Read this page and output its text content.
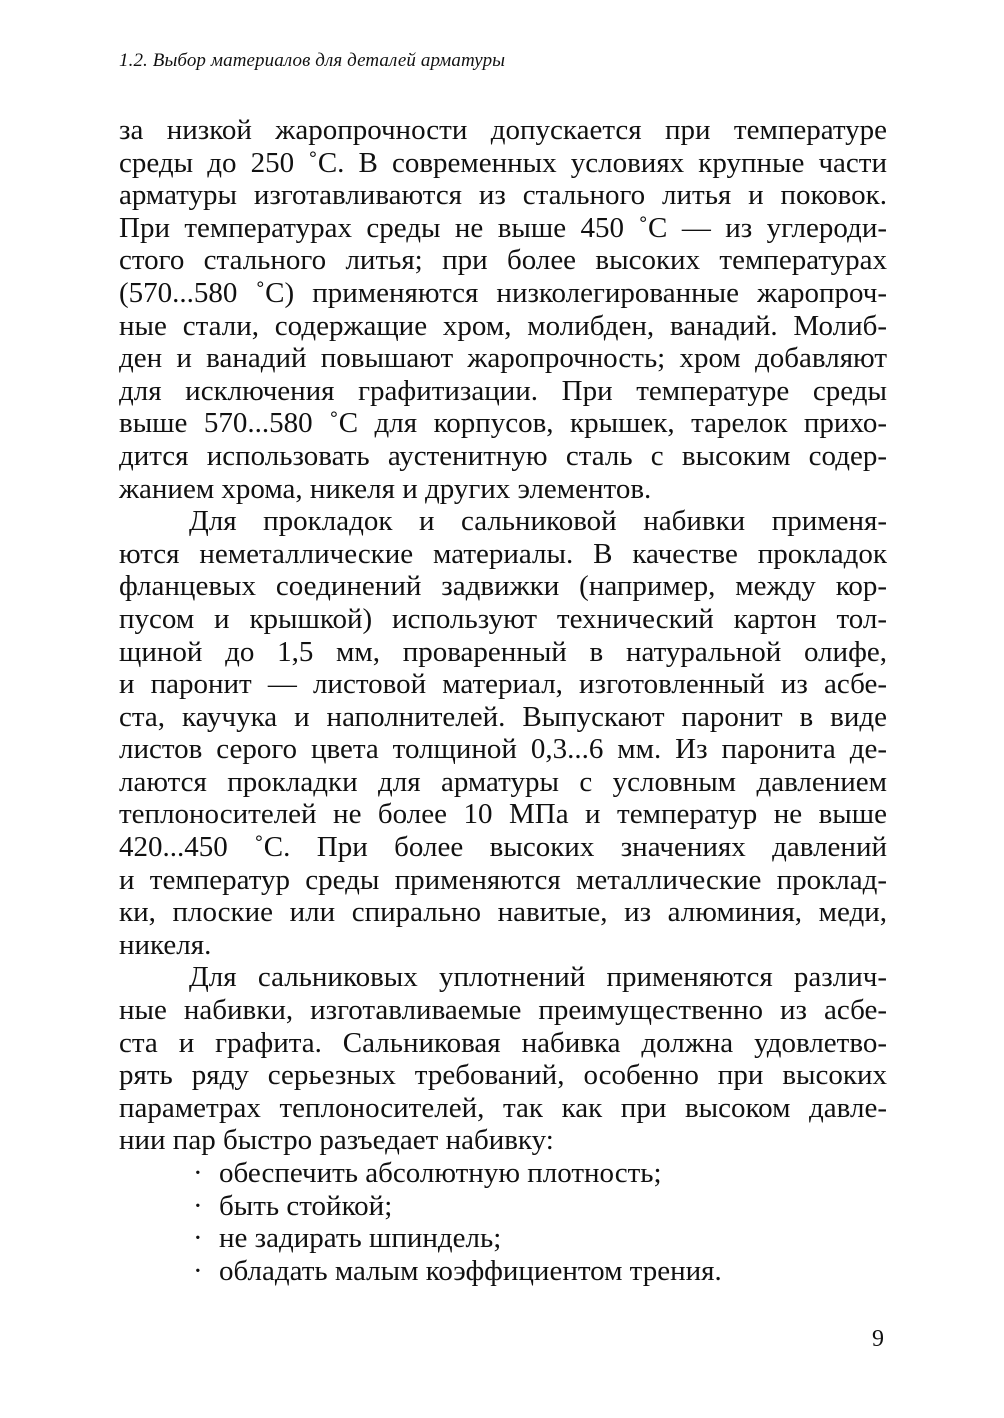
1.2. Выбор материалов для деталей арматуры
за низкой жаропрочности допускается при температуре
среды до 250 ˚С. В современных условиях крупные части
арматуры изготавливаются из стального литья и поковок.
При температурах среды не выше 450 ˚С — из углероди-
стого стального литья; при более высоких температурах
(570...580 ˚С) применяются низколегированные жаропроч-
ные стали, содержащие хром, молибден, ванадий. Молиб-
ден и ванадий повышают жаропрочность; хром добавляют
для исключения графитизации. При температуре среды
выше 570...580 ˚С для корпусов, крышек, тарелок прихо-
дится использовать аустенитную сталь с высоким содер-
жанием хрома, никеля и других элементов.
Для прокладок и сальниковой набивки применя-
ются неметаллические материалы. В качестве прокладок
фланцевых соединений задвижки (например, между кор-
пусом и крышкой) используют технический картон тол-
щиной до 1,5 мм, проваренный в натуральной олифе,
и паронит — листовой материал, изготовленный из асбе-
ста, каучука и наполнителей. Выпускают паронит в виде
листов серого цвета толщиной 0,3...6 мм. Из паронита де-
лаются прокладки для арматуры с условным давлением
теплоносителей не более 10 МПа и температур не выше
420...450 ˚С. При более высоких значениях давлений
и температур среды применяются металлические проклад-
ки, плоские или спирально навитые, из алюминия, меди,
никеля.
Для сальниковых уплотнений применяются различ-
ные набивки, изготавливаемые преимущественно из асбе-
ста и графита. Сальниковая набивка должна удовлетво-
рять ряду серьезных требований, особенно при высоких
параметрах теплоносителей, так как при высоком давле-
нии пар быстро разъедает набивку:
· обеспечить абсолютную плотность;
· быть стойкой;
· не задирать шпиндель;
· обладать малым коэффициентом трения.
9
